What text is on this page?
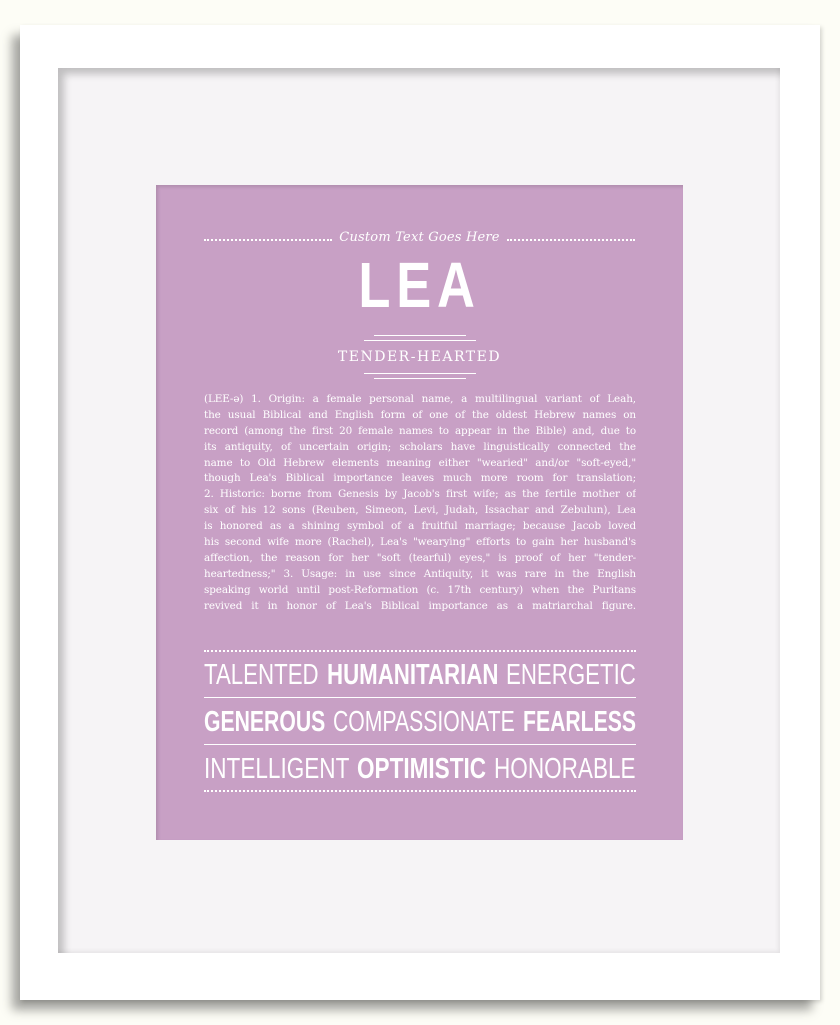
Custom Text Goes Here
LEA
TENDER-HEARTED
(LEE-ə) 1. Origin: a female personal name, a multilingual variant of Leah,
the usual Biblical and English form of one of the oldest Hebrew names on
record (among the first 20 female names to appear in the Bible) and, due to
its antiquity, of uncertain origin; scholars have linguistically connected the
name to Old Hebrew elements meaning either "wearied" and/or "soft-eyed,"
though Lea's Biblical importance leaves much more room for translation;
2. Historic: borne from Genesis by Jacob's first wife; as the fertile mother of
six of his 12 sons (Reuben, Simeon, Levi, Judah, Issachar and Zebulun), Lea
is honored as a shining symbol of a fruitful marriage; because Jacob loved
his second wife more (Rachel), Lea's "wearying" efforts to gain her husband's
affection, the reason for her "soft (tearful) eyes," is proof of her "tender-
heartedness;" 3. Usage: in use since Antiquity, it was rare in the English
speaking world until post-Reformation (c. 17th century) when the Puritans
revived it in honor of Lea's Biblical importance as a matriarchal figure.
TALENTED HUMANITARIAN ENERGETIC
GENEROUS COMPASSIONATE FEARLESS
INTELLIGENT OPTIMISTIC HONORABLE
